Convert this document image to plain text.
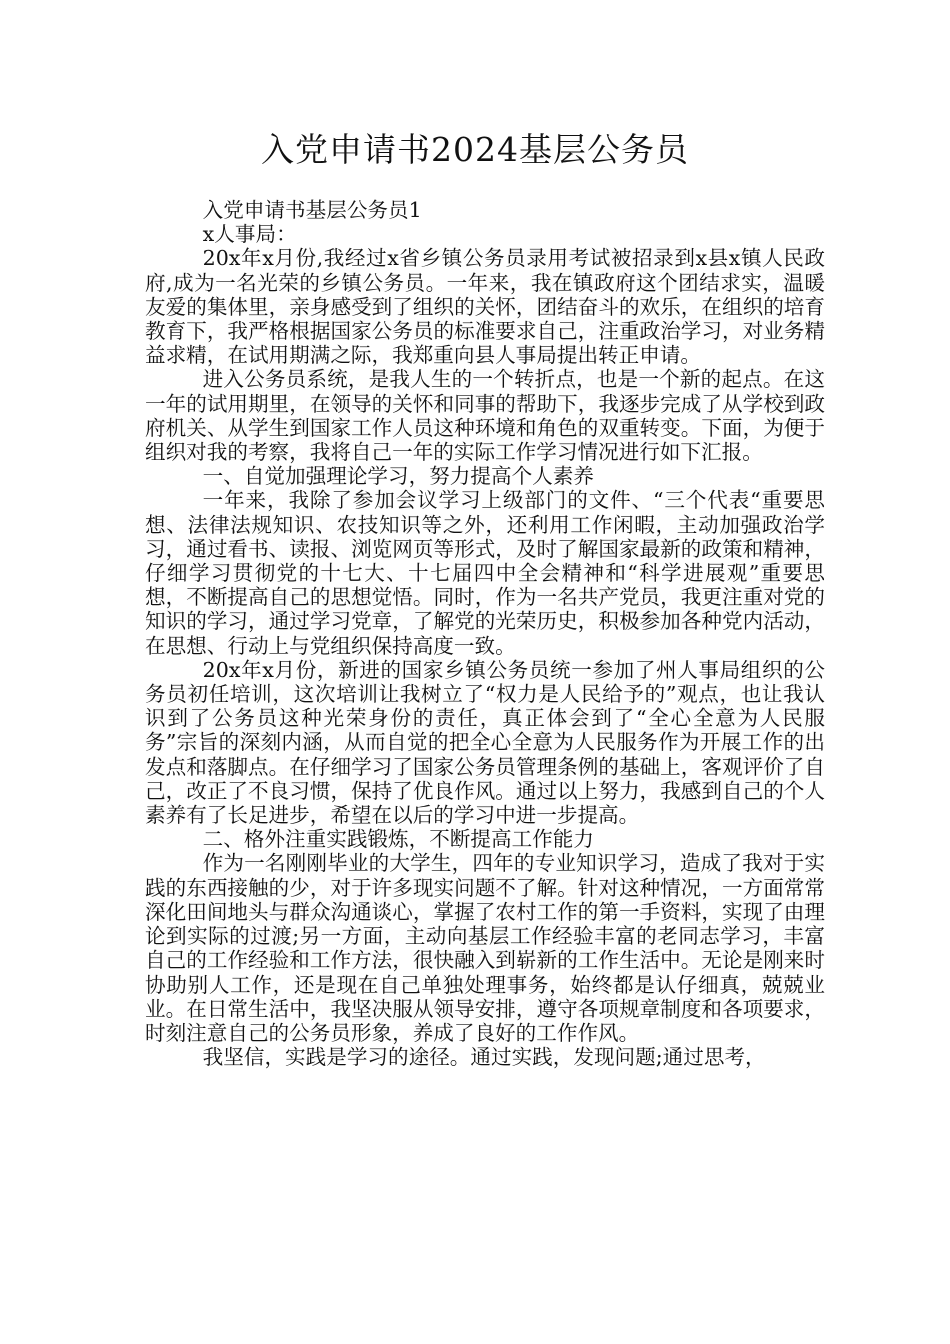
入党申请书2024基层公务员

入党申请书基层公务员1

x人事局：

20x年x月份,我经过x省乡镇公务员录用考试被招录到x县x镇人民政府,成为一名光荣的乡镇公务员。一年来，我在镇政府这个团结求实，温暖友爱的集体里，亲身感受到了组织的关怀，团结奋斗的欢乐，在组织的培育教育下，我严格根据国家公务员的标准要求自己，注重政治学习，对业务精益求精，在试用期满之际，我郑重向县人事局提出转正申请。

进入公务员系统，是我人生的一个转折点，也是一个新的起点。在这一年的试用期里，在领导的关怀和同事的帮助下，我逐步完成了从学校到政府机关、从学生到国家工作人员这种环境和角色的双重转变。下面，为便于组织对我的考察，我将自己一年的实际工作学习情况进行如下汇报。

一、自觉加强理论学习，努力提高个人素养

一年来，我除了参加会议学习上级部门的文件、“三个代表“重要思想、法律法规知识、农技知识等之外，还利用工作闲暇，主动加强政治学习，通过看书、读报、浏览网页等形式，及时了解国家最新的政策和精神，仔细学习贯彻党的十七大、十七届四中全会精神和“科学进展观”重要思想，不断提高自己的思想觉悟。同时，作为一名共产党员，我更注重对党的知识的学习，通过学习党章，了解党的光荣历史，积极参加各种党内活动，在思想、行动上与党组织保持高度一致。

20x年x月份，新进的国家乡镇公务员统一参加了州人事局组织的公务员初任培训，这次培训让我树立了“权力是人民给予的”观点，也让我认识到了公务员这种光荣身份的责任，真正体会到了“全心全意为人民服务”宗旨的深刻内涵，从而自觉的把全心全意为人民服务作为开展工作的出发点和落脚点。在仔细学习了国家公务员管理条例的基础上，客观评价了自己，改正了不良习惯，保持了优良作风。通过以上努力，我感到自己的个人素养有了长足进步，希望在以后的学习中进一步提高。

二、格外注重实践锻炼，不断提高工作能力

作为一名刚刚毕业的大学生，四年的专业知识学习，造成了我对于实践的东西接触的少，对于许多现实问题不了解。针对这种情况，一方面常常深化田间地头与群众沟通谈心，掌握了农村工作的第一手资料，实现了由理论到实际的过渡;另一方面，主动向基层工作经验丰富的老同志学习，丰富自己的工作经验和工作方法，很快融入到崭新的工作生活中。无论是刚来时协助别人工作，还是现在自己单独处理事务，始终都是认仔细真，兢兢业业。在日常生活中，我坚决服从领导安排，遵守各项规章制度和各项要求，时刻注意自己的公务员形象，养成了良好的工作作风。

我坚信，实践是学习的途径。通过实践，发现问题;通过思考，
